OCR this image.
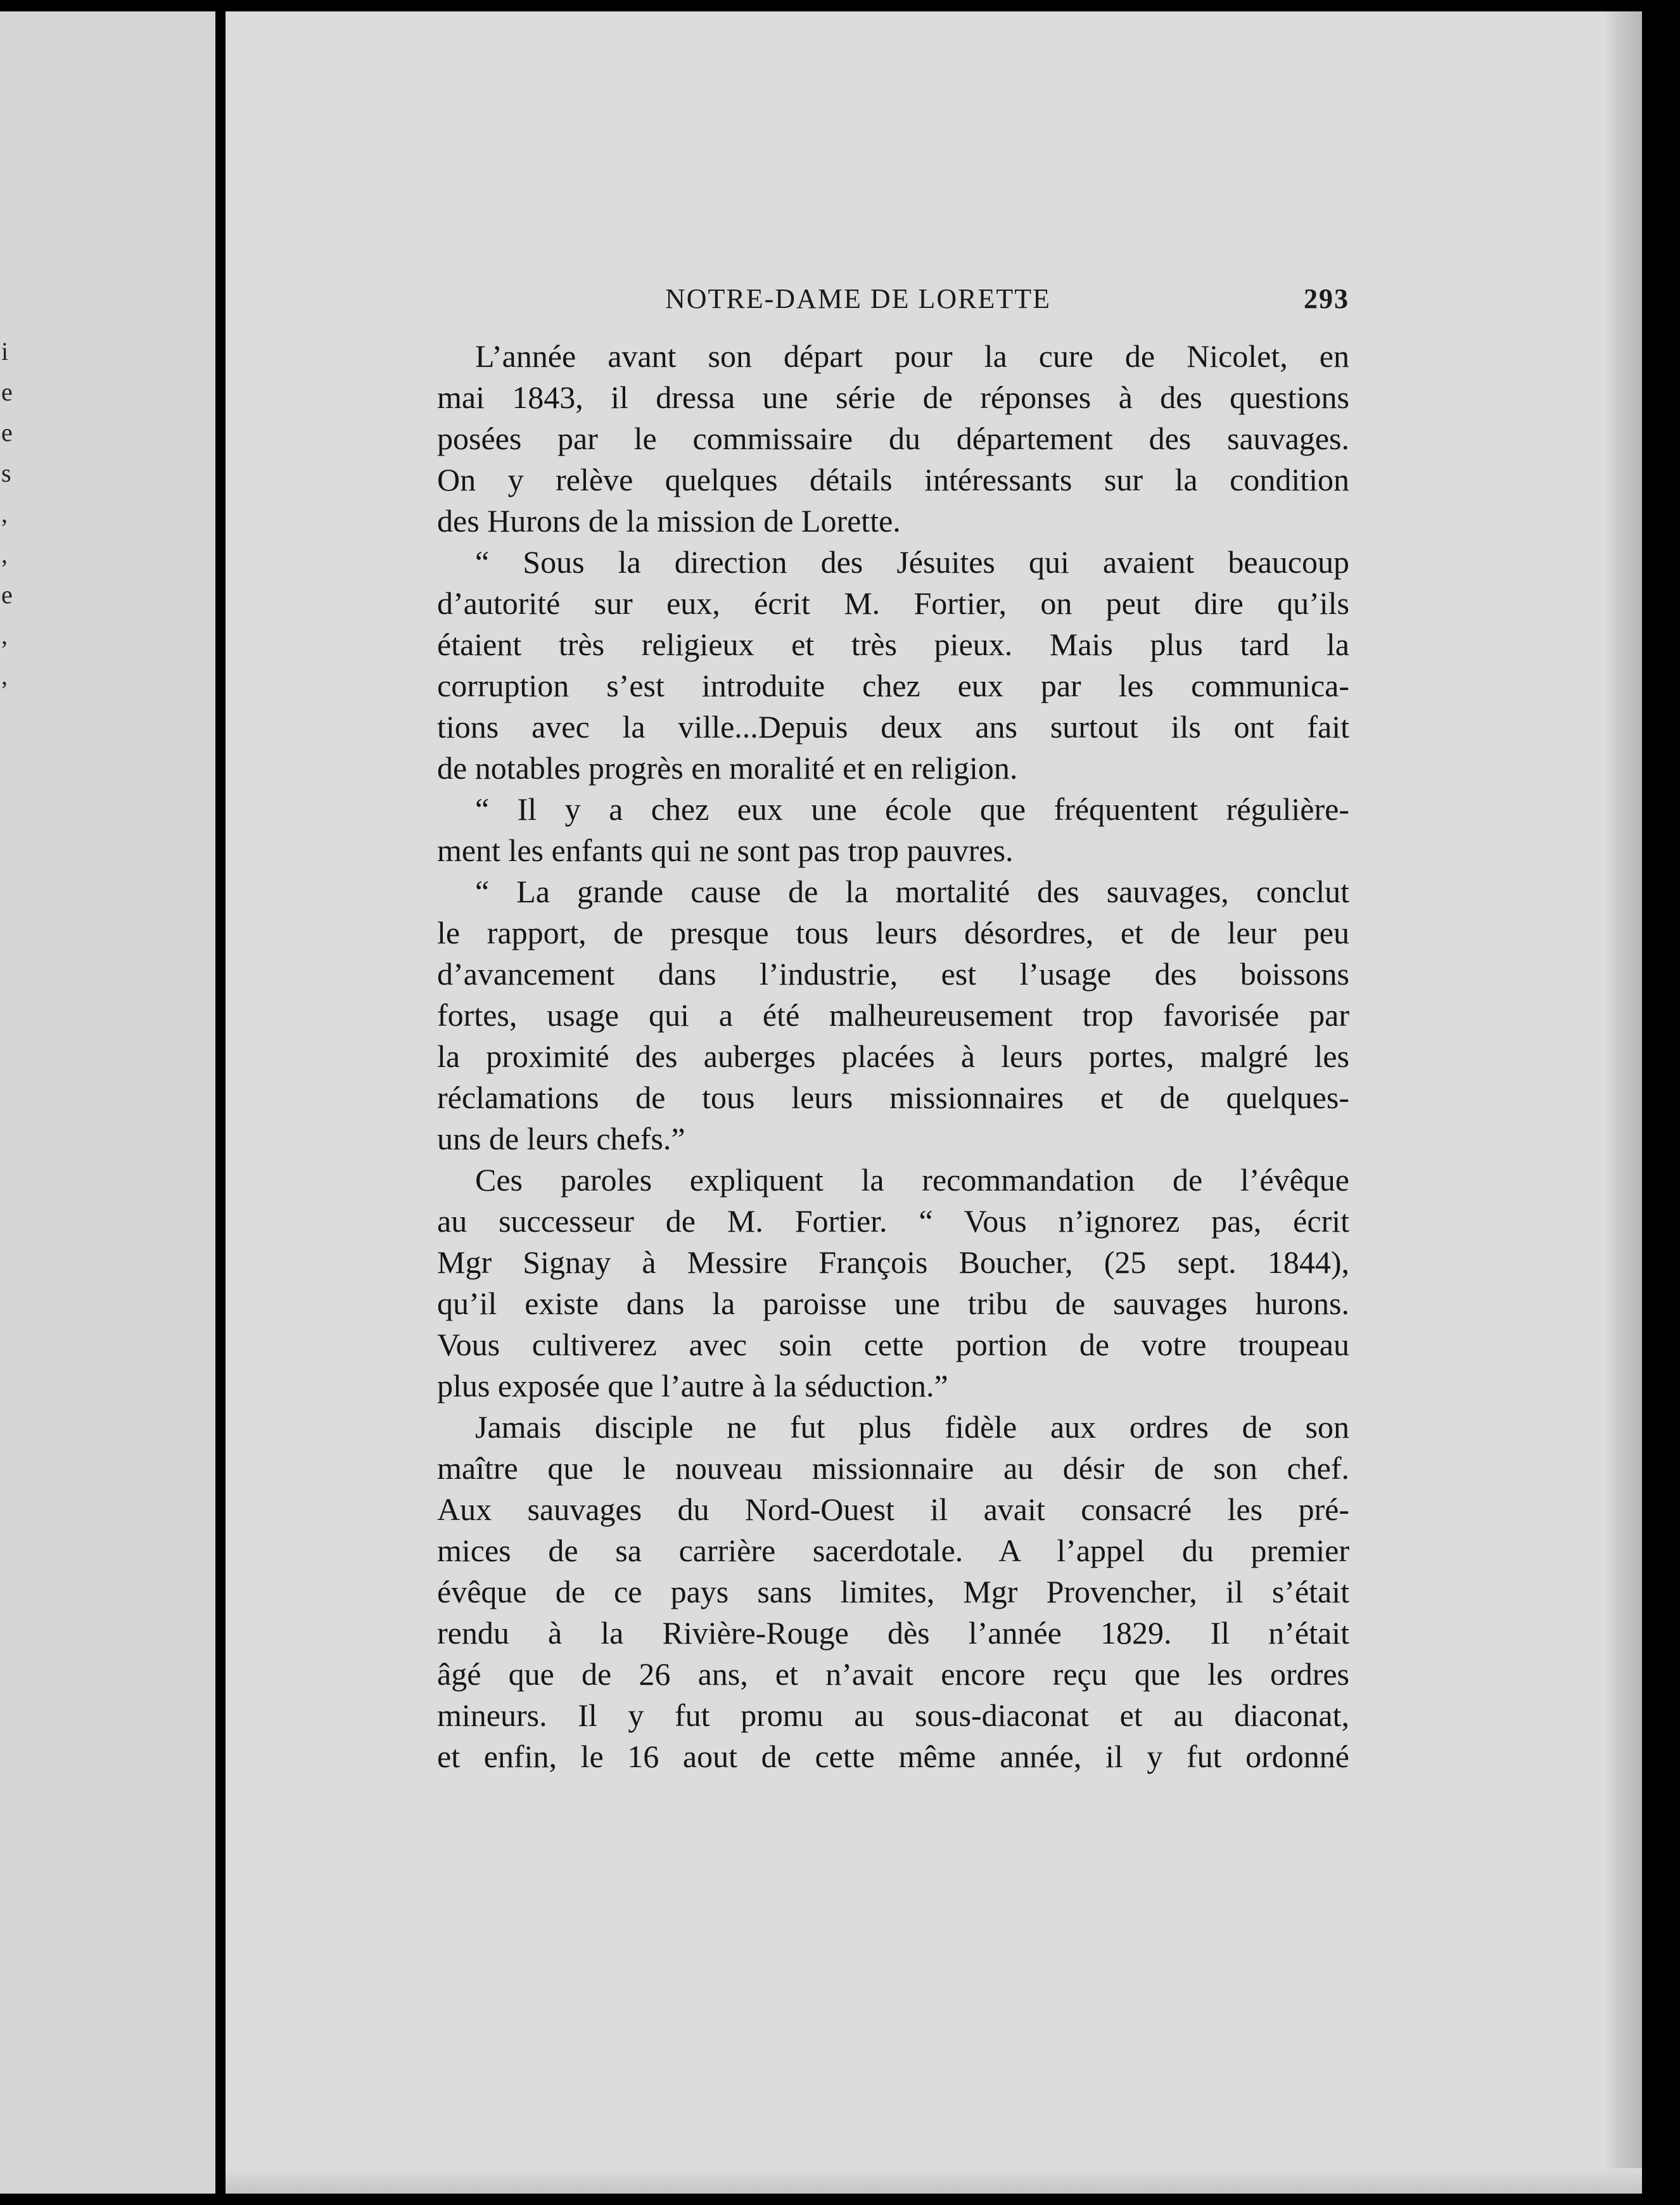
i
e
e
s
,
,
e
,
,
NOTRE-DAME DE LORETTE	293
L’année avant son départ pour la cure de Nicolet, en
mai 1843, il dressa une série de réponses à des questions
posées par le commissaire du département des sauvages.
On y relève quelques détails intéressants sur la condition
des Hurons de la mission de Lorette.
“ Sous la direction des Jésuites qui avaient beaucoup
d’autorité sur eux, écrit M. Fortier, on peut dire qu’ils
étaient très religieux et très pieux. Mais plus tard la
corruption s’est introduite chez eux par les communica-
tions avec la ville...Depuis deux ans surtout ils ont fait
de notables progrès en moralité et en religion.
“ Il y a chez eux une école que fréquentent régulière-
ment les enfants qui ne sont pas trop pauvres.
“ La grande cause de la mortalité des sauvages, conclut
le rapport, de presque tous leurs désordres, et de leur peu
d’avancement dans l’industrie, est l’usage des boissons
fortes, usage qui a été malheureusement trop favorisée par
la proximité des auberges placées à leurs portes, malgré les
réclamations de tous leurs missionnaires et de quelques-
uns de leurs chefs.”
Ces paroles expliquent la recommandation de l’évêque
au successeur de M. Fortier. “ Vous n’ignorez pas, écrit
Mgr Signay à Messire François Boucher, (25 sept. 1844),
qu’il existe dans la paroisse une tribu de sauvages hurons.
Vous cultiverez avec soin cette portion de votre troupeau
plus exposée que l’autre à la séduction.”
Jamais disciple ne fut plus fidèle aux ordres de son
maître que le nouveau missionnaire au désir de son chef.
Aux sauvages du Nord-Ouest il avait consacré les pré-
mices de sa carrière sacerdotale. A l’appel du premier
évêque de ce pays sans limites, Mgr Provencher, il s’était
rendu à la Rivière-Rouge dès l’année 1829. Il n’était
âgé que de 26 ans, et n’avait encore reçu que les ordres
mineurs. Il y fut promu au sous-diaconat et au diaconat,
et enfin, le 16 aout de cette même année, il y fut ordonné
